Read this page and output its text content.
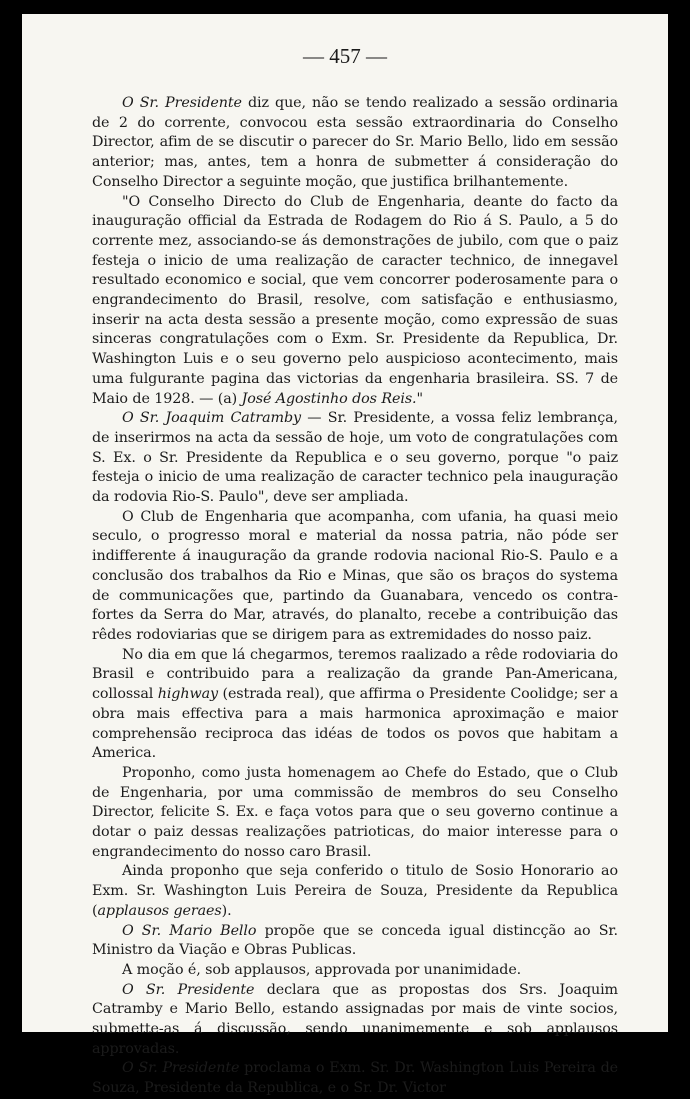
— 457 —

O Sr. Presidente diz que, não se tendo realizado a sessão ordinaria de 2 do corrente, convocou esta sessão extraordinaria do Conselho Director, afim de se discutir o parecer do Sr. Mario Bello, lido em sessão anterior; mas, antes, tem a honra de submetter á consideração do Conselho Director a seguinte moção, que justifica brilhantemente.

"O Conselho Directo do Club de Engenharia, deante do facto da inauguração official da Estrada de Rodagem do Rio á S. Paulo, a 5 do corrente mez, associando-se ás demonstrações de jubilo, com que o paiz festeja o inicio de uma realização de caracter technico, de innegavel resultado economico e social, que vem concorrer poderosamente para o engrandecimento do Brasil, resolve, com satisfação e enthusiasmo, inserir na acta desta sessão a presente moção, como expressão de suas sinceras congratulações com o Exm. Sr. Presidente da Republica, Dr. Washington Luis e o seu governo pelo auspicioso acontecimento, mais uma fulgurante pagina das victorias da engenharia brasileira. SS. 7 de Maio de 1928. — (a) José Agostinho dos Reis."

O Sr. Joaquim Catramby — Sr. Presidente, a vossa feliz lembrança, de inserirmos na acta da sessão de hoje, um voto de congratulações com S. Ex. o Sr. Presidente da Republica e o seu governo, porque "o paiz festeja o inicio de uma realização de caracter technico pela inauguração da rodovia Rio-S. Paulo", deve ser ampliada.

O Club de Engenharia que acompanha, com ufania, ha quasi meio seculo, o progresso moral e material da nossa patria, não póde ser indifferente á inauguração da grande rodovia nacional Rio-S. Paulo e a conclusão dos trabalhos da Rio e Minas, que são os braços do systema de communicações que, partindo da Guanabara, vencedo os contra-fortes da Serra do Mar, através, do planalto, recebe a contribuição das rêdes rodoviarias que se dirigem para as extremidades do nosso paiz.

No dia em que lá chegarmos, teremos raalizado a rêde rodoviaria do Brasil e contribuido para a realização da grande Pan-Americana, collossal highway (estrada real), que affirma o Presidente Coolidge; ser a obra mais effectiva para a mais harmonica aproximação e maior comprehensão reciproca das idéas de todos os povos que habitam a America.

Proponho, como justa homenagem ao Chefe do Estado, que o Club de Engenharia, por uma commissão de membros do seu Conselho Director, felicite S. Ex. e faça votos para que o seu governo continue a dotar o paiz dessas realizações patrioticas, do maior interesse para o engrandecimento do nosso caro Brasil.

Ainda proponho que seja conferido o titulo de Sosio Honorario ao Exm. Sr. Washington Luis Pereira de Souza, Presidente da Republica (applausos geraes).

O Sr. Mario Bello propõe que se conceda igual distincção ao Sr. Ministro da Viação e Obras Publicas.

A moção é, sob applausos, approvada por unanimidade.

O Sr. Presidente declara que as propostas dos Srs. Joaquim Catramby e Mario Bello, estando assignadas por mais de vinte socios, submette-as á discussão, sendo unanimemente e sob applausos approvadas.

O Sr. Presidente proclama o Exm. Sr. Dr. Washington Luis Pereira de Souza, Presidente da Republica, e o Sr. Dr. Victor
